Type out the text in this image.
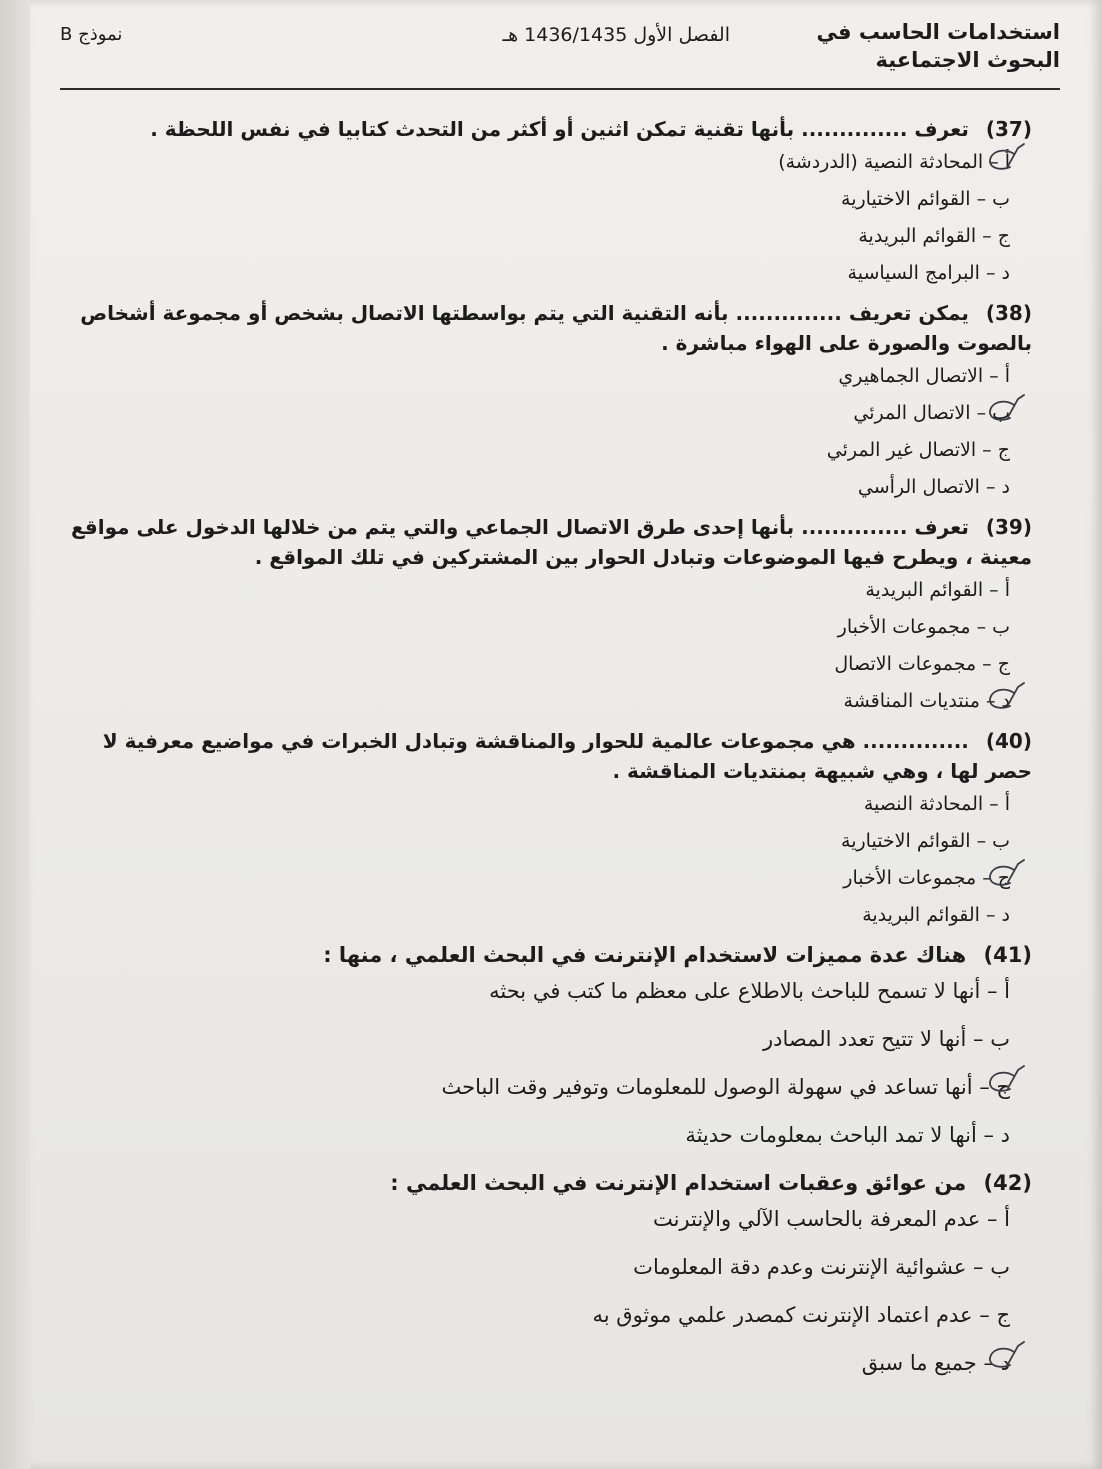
استخدامات الحاسب في البحوث الاجتماعية
الفصل الأول 1436/1435 هـ
نموذج B
(37) تعرف .............. بأنها تقنية تمكن اثنين أو أكثر من التحدث كتابيا في نفس اللحظة .
أ – المحادثة النصية (الدردشة)
ب – القوائم الاختيارية
ج – القوائم البريدية
د – البرامج السياسية
(38) يمكن تعريف .............. بأنه التقنية التي يتم بواسطتها الاتصال بشخص أو مجموعة أشخاص بالصوت والصورة على الهواء مباشرة .
أ – الاتصال الجماهيري
ب – الاتصال المرئي
ج – الاتصال غير المرئي
د – الاتصال الرأسي
(39) تعرف .............. بأنها إحدى طرق الاتصال الجماعي والتي يتم من خلالها الدخول على مواقع معينة ، ويطرح فيها الموضوعات وتبادل الحوار بين المشتركين في تلك المواقع .
أ – القوائم البريدية
ب – مجموعات الأخبار
ج – مجموعات الاتصال
د – منتديات المناقشة
(40) .............. هي مجموعات عالمية للحوار والمناقشة وتبادل الخبرات في مواضيع معرفية لا حصر لها ، وهي شبيهة بمنتديات المناقشة .
أ – المحادثة النصية
ب – القوائم الاختيارية
ج – مجموعات الأخبار
د – القوائم البريدية
(41) هناك عدة مميزات لاستخدام الإنترنت في البحث العلمي ، منها :
أ – أنها لا تسمح للباحث بالاطلاع على معظم ما كتب في بحثه
ب – أنها لا تتيح تعدد المصادر
ج – أنها تساعد في سهولة الوصول للمعلومات وتوفير وقت الباحث
د – أنها لا تمد الباحث بمعلومات حديثة
(42) من عوائق وعقبات استخدام الإنترنت في البحث العلمي :
أ – عدم المعرفة بالحاسب الآلي والإنترنت
ب – عشوائية الإنترنت وعدم دقة المعلومات
ج – عدم اعتماد الإنترنت كمصدر علمي موثوق به
د – جميع ما سبق
